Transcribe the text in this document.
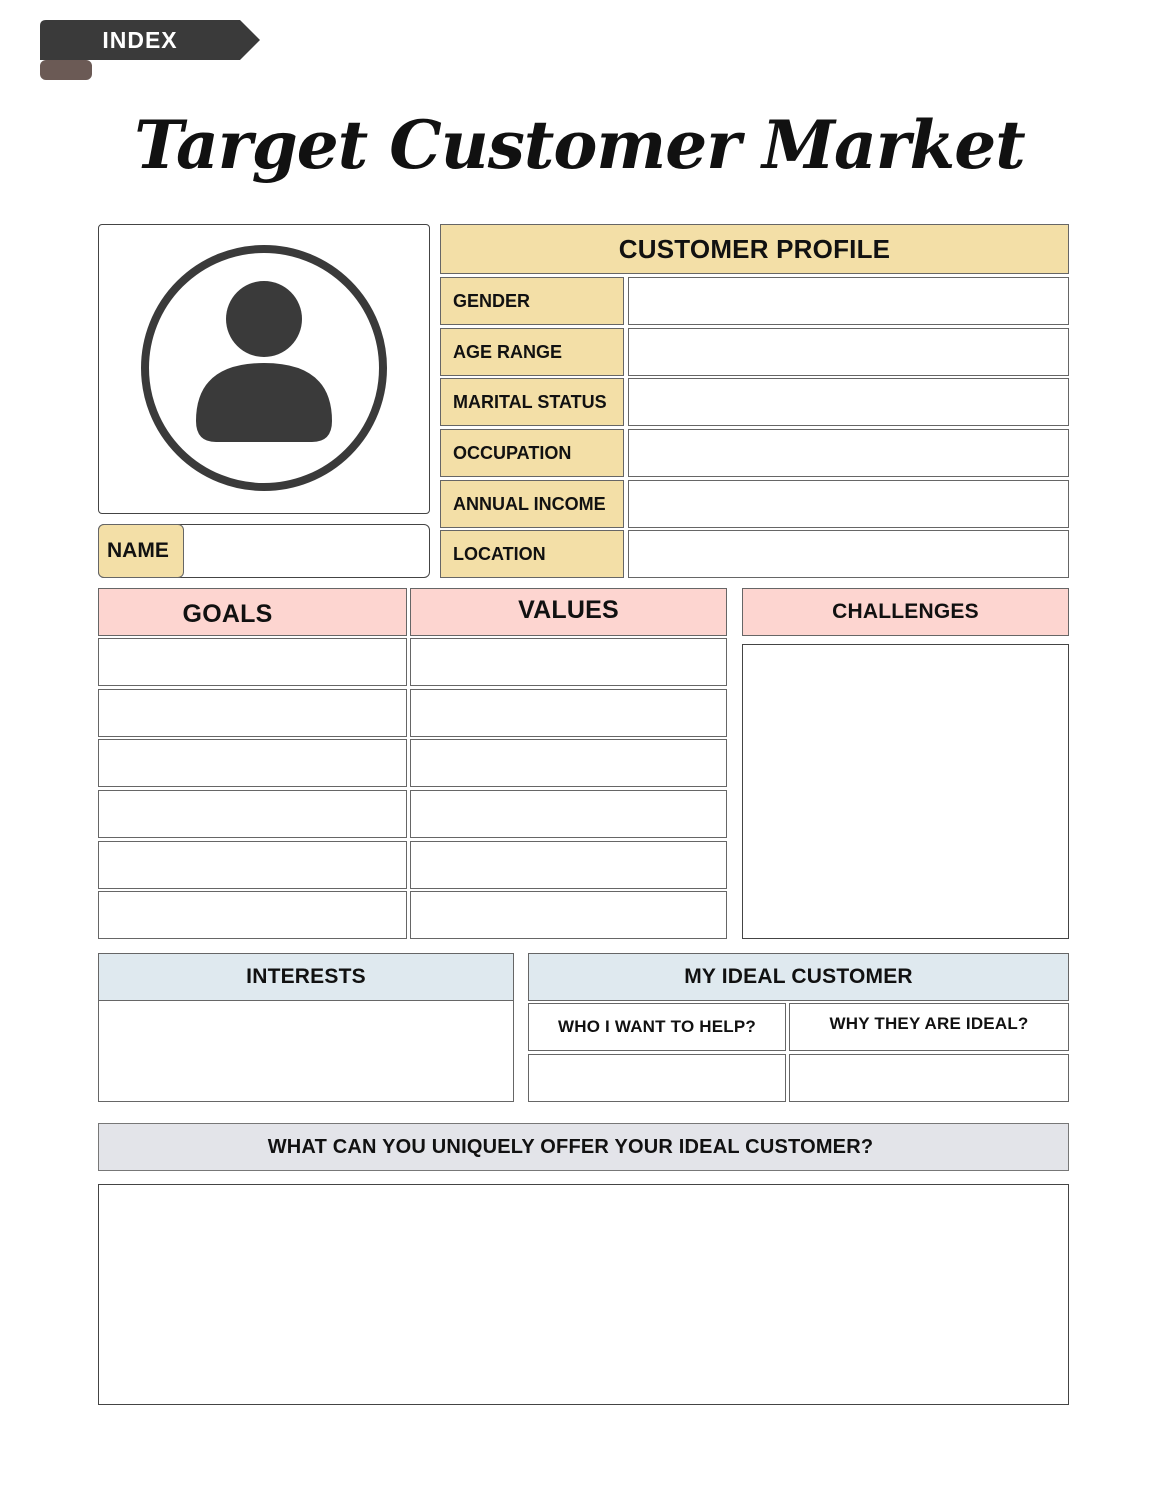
INDEX
Target Customer Market
NAME
CUSTOMER PROFILE
GENDER
AGE RANGE
MARITAL STATUS
OCCUPATION
ANNUAL INCOME
LOCATION
GOALS	VALUES	CHALLENGES
INTERESTS	MY IDEAL CUSTOMER
WHO I WANT TO HELP?	WHY THEY ARE IDEAL?
WHAT CAN YOU UNIQUELY OFFER YOUR IDEAL CUSTOMER?
